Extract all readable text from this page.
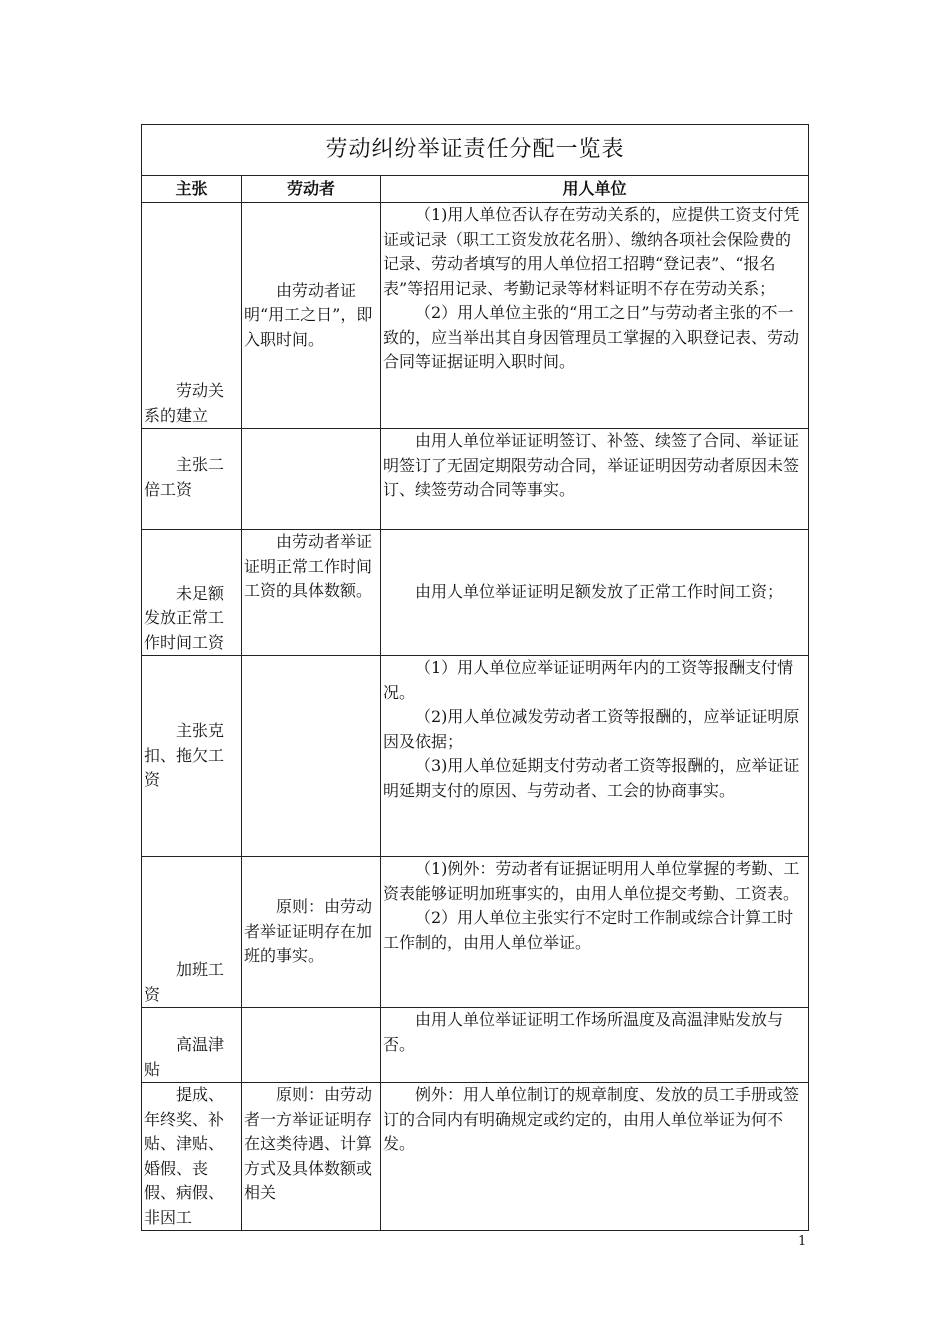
劳动纠纷举证责任分配一览表		
主张	劳动者	用人单位
劳动关系的建立	由劳动者证明“用工之日”，即入职时间。	（1)用人单位否认存在劳动关系的，应提供工资支付凭证或记录（职工工资发放花名册）、缴纳各项社会保险费的记录、劳动者填写的用人单位招工招聘“登记表”、“报名表”等招用记录、考勤记录等材料证明不存在劳动关系；

（2）用人单位主张的“用工之日”与劳动者主张的不一致的，应当举出其自身因管理员工掌握的入职登记表、劳动合同等证据证明入职时间。

主张二倍工资		由用人单位举证证明签订、补签、续签了合同、举证证明签订了无固定期限劳动合同，举证证明因劳动者原因未签订、续签劳动合同等事实。

未足额发放正常工作时间工资	由劳动者举证证明正常工作时间工资的具体数额。	由用人单位举证证明足额发放了正常工作时间工资；

主张克扣、拖欠工资		（1）用人单位应举证证明两年内的工资等报酬支付情况。

（2)用人单位减发劳动者工资等报酬的，应举证证明原因及依据；

（3)用人单位延期支付劳动者工资等报酬的，应举证证明延期支付的原因、与劳动者、工会的协商事实。

加班工资	原则：由劳动者举证证明存在加班的事实。	（1)例外：劳动者有证据证明用人单位掌握的考勤、工资表能够证明加班事实的，由用人单位提交考勤、工资表。

（2）用人单位主张实行不定时工作制或综合计算工时工作制的，由用人单位举证。

高温津贴		由用人单位举证证明工作场所温度及高温津贴发放与否。

提成、年终奖、补贴、津贴、婚假、丧假、病假、非因工	原则：由劳动者一方举证证明存在这类待遇、计算方式及具体数额或相关	例外：用人单位制订的规章制度、发放的员工手册或签订的合同内有明确规定或约定的，由用人单位举证为何不发。

1
